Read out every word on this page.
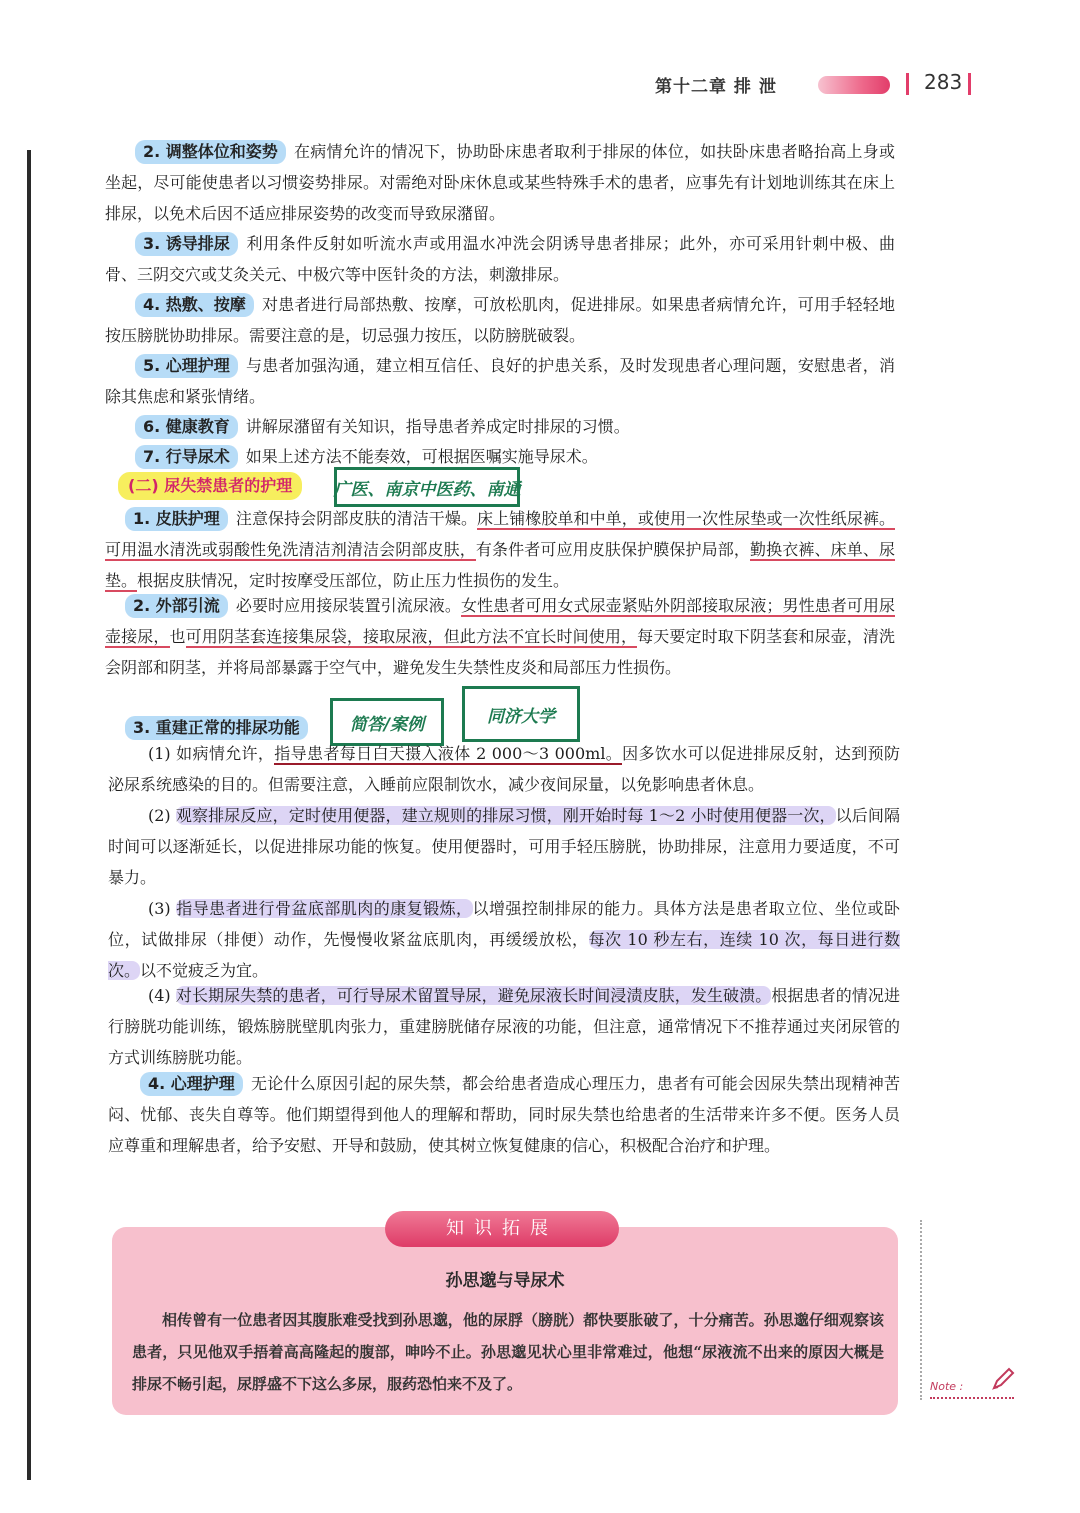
第十二章 排 泄	283
2. 调整体位和姿势 在病情允许的情况下，协助卧床患者取利于排尿的体位，如扶卧床患者略抬高上身或坐起，尽可能使患者以习惯姿势排尿。对需绝对卧床休息或某些特殊手术的患者，应事先有计划地训练其在床上排尿，以免术后因不适应排尿姿势的改变而导致尿潴留。
3. 诱导排尿 利用条件反射如听流水声或用温水冲洗会阴诱导患者排尿；此外，亦可采用针刺中极、曲骨、三阴交穴或艾灸关元、中极穴等中医针灸的方法，刺激排尿。
4. 热敷、按摩 对患者进行局部热敷、按摩，可放松肌肉，促进排尿。如果患者病情允许，可用手轻轻地按压膀胱协助排尿。需要注意的是，切忌强力按压，以防膀胱破裂。
5. 心理护理 与患者加强沟通，建立相互信任、良好的护患关系，及时发现患者心理问题，安慰患者，消除其焦虑和紧张情绪。
6. 健康教育 讲解尿潴留有关知识，指导患者养成定时排尿的习惯。
7. 行导尿术 如果上述方法不能奏效，可根据医嘱实施导尿术。
(二) 尿失禁患者的护理	广医、南京中医药、南通
1. 皮肤护理 注意保持会阴部皮肤的清洁干燥。床上铺橡胶单和中单，或使用一次性尿垫或一次性纸尿裤。可用温水清洗或弱酸性免洗清洁剂清洁会阴部皮肤，有条件者可应用皮肤保护膜保护局部，勤换衣裤、床单、尿垫。根据皮肤情况，定时按摩受压部位，防止压力性损伤的发生。
2. 外部引流 必要时应用接尿装置引流尿液。女性患者可用女式尿壶紧贴外阴部接取尿液；男性患者可用尿壶接尿，也可用阴茎套连接集尿袋，接取尿液，但此方法不宜长时间使用，每天要定时取下阴茎套和尿壶，清洗会阴部和阴茎，并将局部暴露于空气中，避免发生失禁性皮炎和局部压力性损伤。
3. 重建正常的排尿功能	简答/案例	同济大学
(1) 如病情允许，指导患者每日白天摄入液体 2 000～3 000ml。因多饮水可以促进排尿反射，达到预防泌尿系统感染的目的。但需要注意，入睡前应限制饮水，减少夜间尿量，以免影响患者休息。
(2) 观察排尿反应，定时使用便器，建立规则的排尿习惯，刚开始时每 1～2 小时使用便器一次，以后间隔时间可以逐渐延长，以促进排尿功能的恢复。使用便器时，可用手轻压膀胱，协助排尿，注意用力要适度，不可暴力。
(3) 指导患者进行骨盆底部肌肉的康复锻炼，以增强控制排尿的能力。具体方法是患者取立位、坐位或卧位，试做排尿（排便）动作，先慢慢收紧盆底肌肉，再缓缓放松，每次 10 秒左右，连续 10 次，每日进行数次。以不觉疲乏为宜。
(4) 对长期尿失禁的患者，可行导尿术留置导尿，避免尿液长时间浸渍皮肤，发生破溃。根据患者的情况进行膀胱功能训练，锻炼膀胱壁肌肉张力，重建膀胱储存尿液的功能，但注意，通常情况下不推荐通过夹闭尿管的方式训练膀胱功能。
4. 心理护理 无论什么原因引起的尿失禁，都会给患者造成心理压力，患者有可能会因尿失禁出现精神苦闷、忧郁、丧失自尊等。他们期望得到他人的理解和帮助，同时尿失禁也给患者的生活带来许多不便。医务人员应尊重和理解患者，给予安慰、开导和鼓励，使其树立恢复健康的信心，积极配合治疗和护理。
知识拓展
孙思邈与导尿术
相传曾有一位患者因其腹胀难受找到孙思邈，他的尿脬（膀胱）都快要胀破了，十分痛苦。孙思邈仔细观察该患者，只见他双手捂着高高隆起的腹部，呻吟不止。孙思邈见状心里非常难过，他想“尿液流不出来的原因大概是排尿不畅引起，尿脬盛不下这么多尿，服药恐怕来不及了。	Note :
